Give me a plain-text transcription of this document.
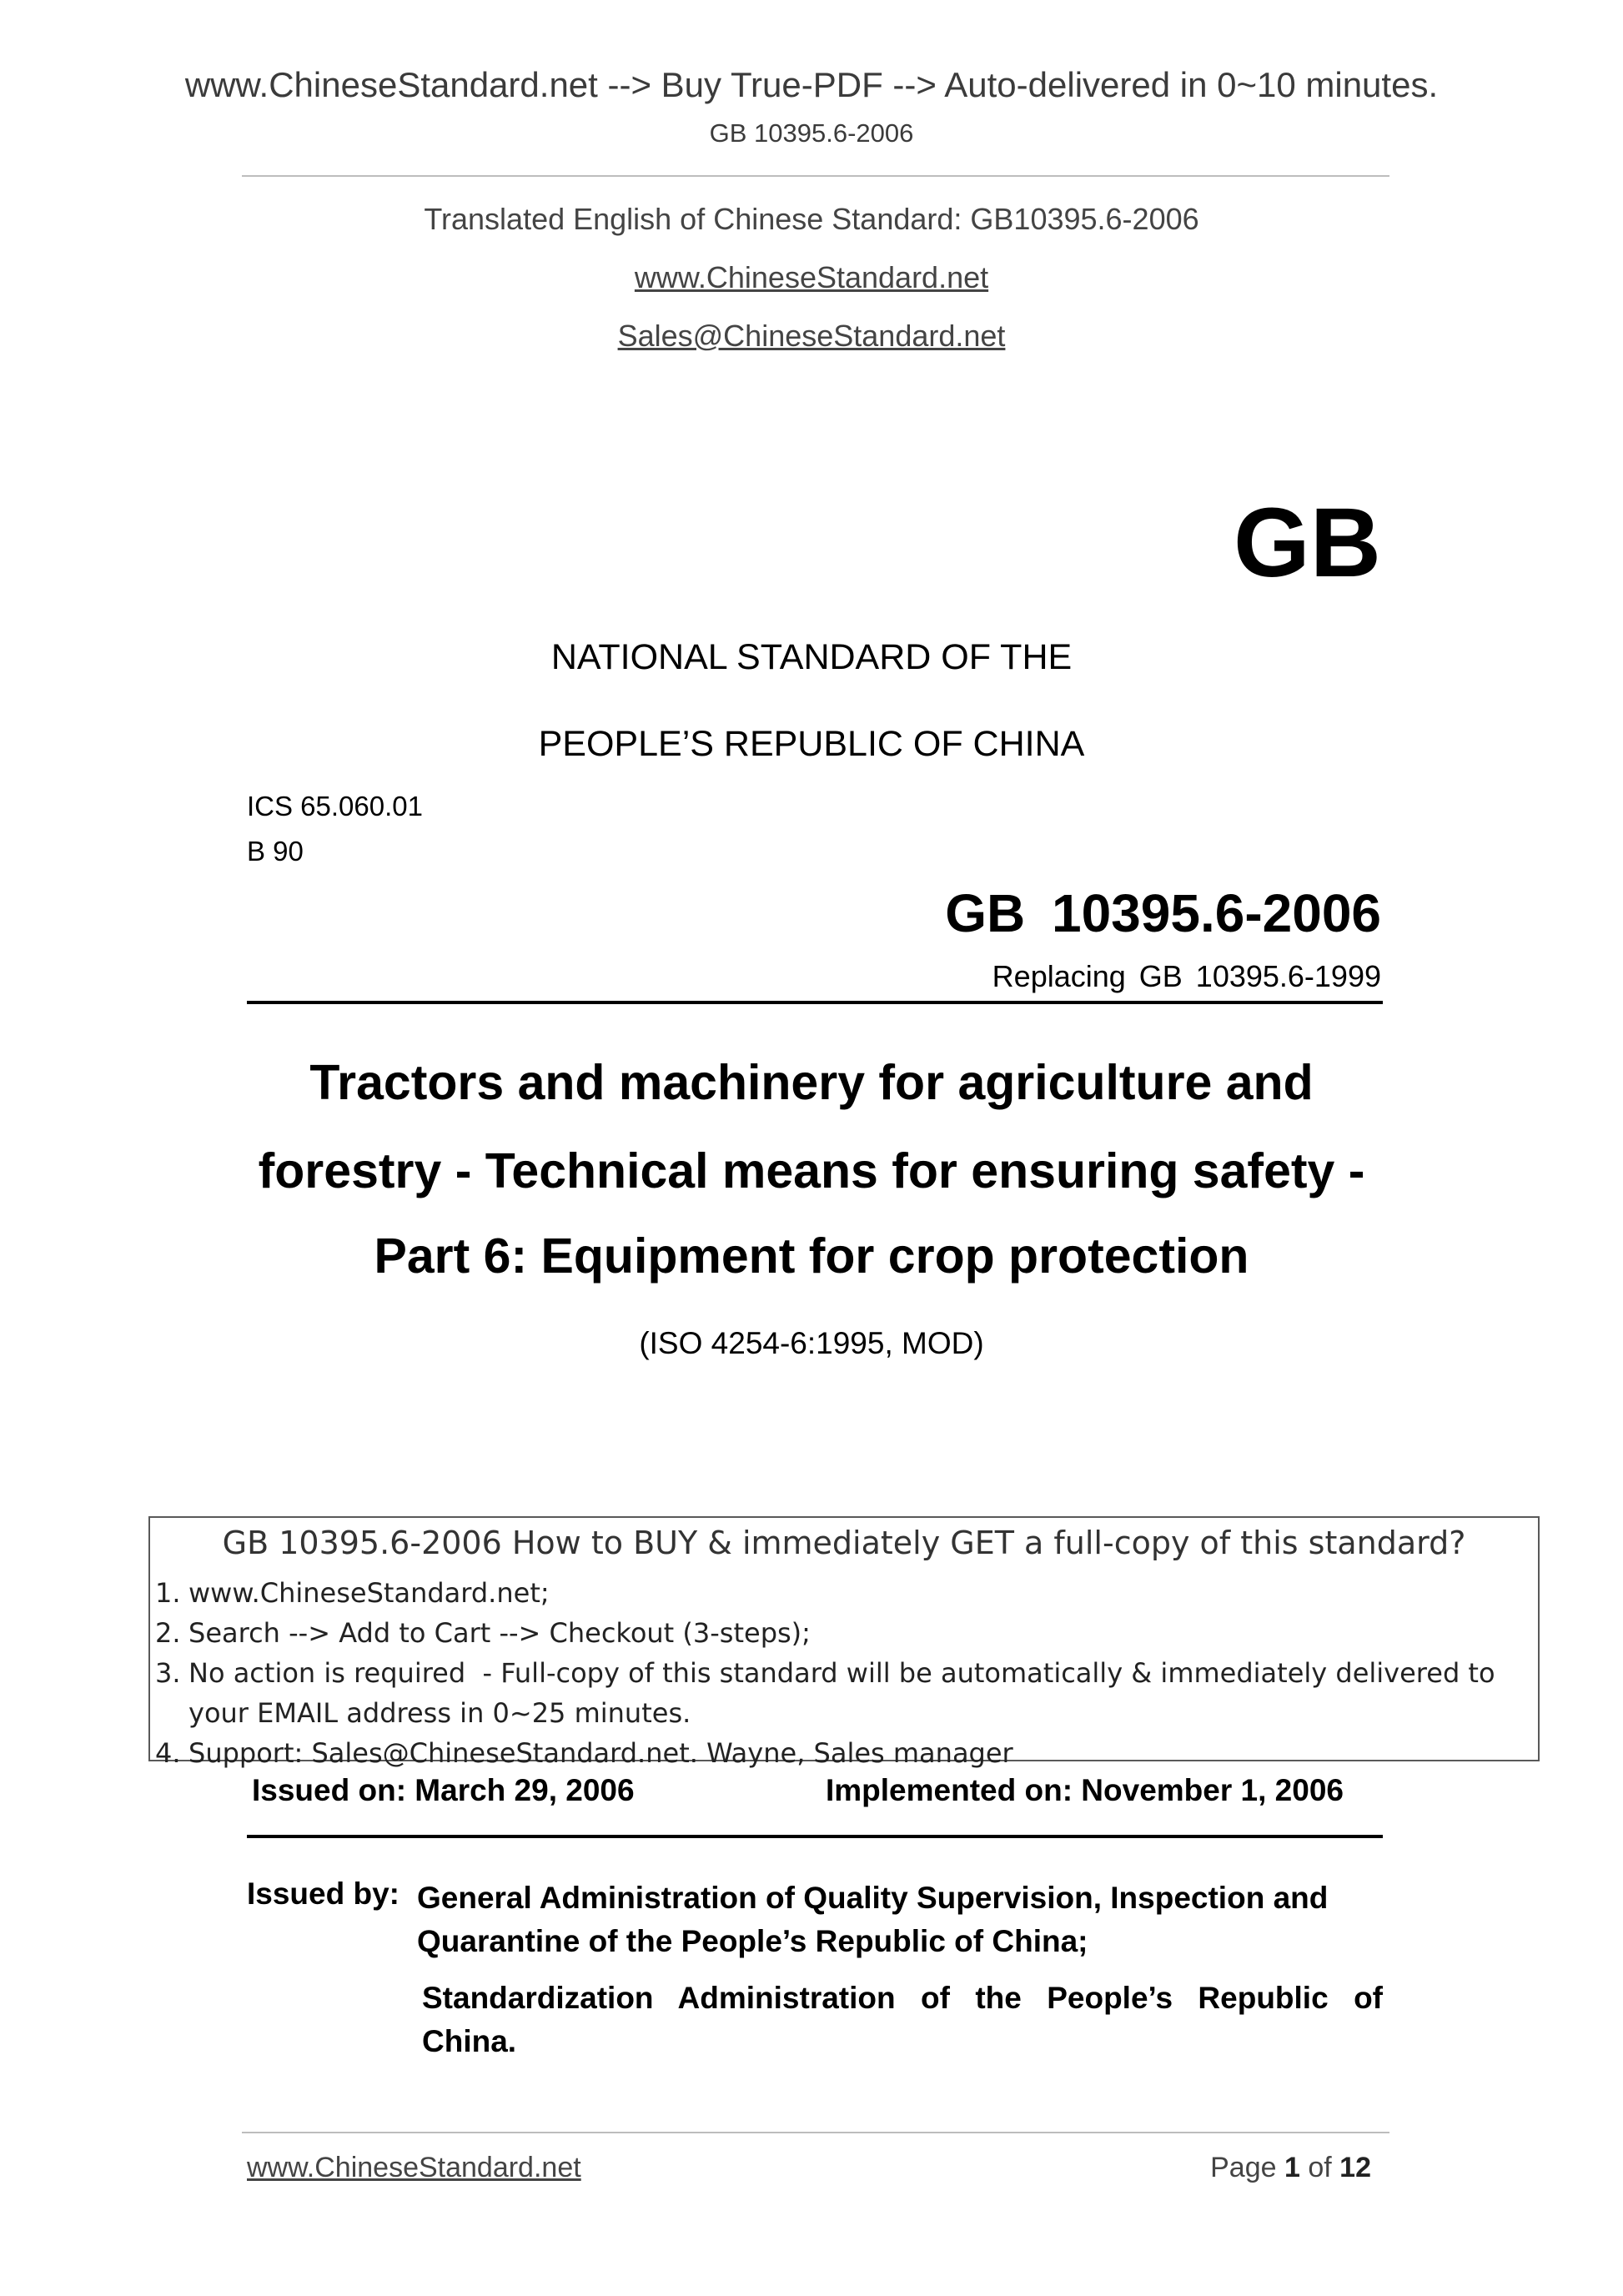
www.ChineseStandard.net --> Buy True-PDF --> Auto-delivered in 0~10 minutes.
GB 10395.6-2006
Translated English of Chinese Standard: GB10395.6-2006
www.ChineseStandard.net
Sales@ChineseStandard.net
GB
NATIONAL STANDARD OF THE
PEOPLE’S REPUBLIC OF CHINA
ICS 65.060.01
B 90
GB 10395.6-2006
Replacing GB 10395.6-1999
Tractors and machinery for agriculture and
forestry - Technical means for ensuring safety -
Part 6: Equipment for crop protection
(ISO 4254-6:1995, MOD)
GB 10395.6-2006 How to BUY & immediately GET a full-copy of this standard?
1. www.ChineseStandard.net;
2. Search --> Add to Cart --> Checkout (3-steps);
3. No action is required  - Full-copy of this standard will be automatically & immediately delivered to
your EMAIL address in 0~25 minutes.
4. Support: Sales@ChineseStandard.net. Wayne, Sales manager
Issued on: March 29, 2006	Implemented on: November 1, 2006
Issued by: General Administration of Quality Supervision, Inspection and Quarantine of the People’s Republic of China;
Standardization Administration of the People’s Republic of China.
www.ChineseStandard.net	Page 1 of 12
